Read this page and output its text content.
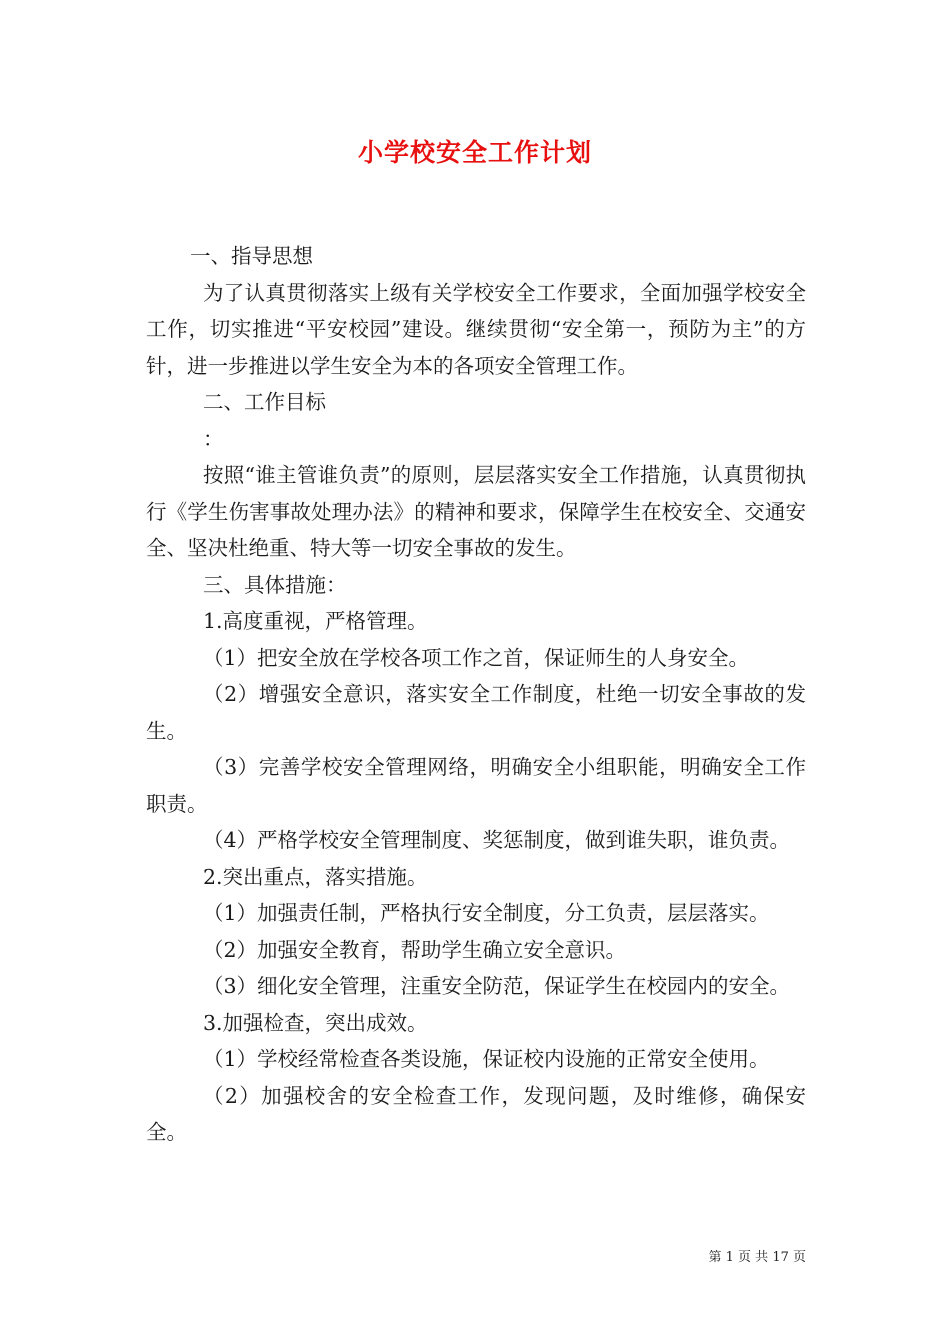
小学校安全工作计划

一、指导思想

为了认真贯彻落实上级有关学校安全工作要求，全面加强学校安全工作，切实推进“平安校园”建设。继续贯彻“安全第一，预防为主”的方针，进一步推进以学生安全为本的各项安全管理工作。

二、工作目标

：

按照“谁主管谁负责”的原则，层层落实安全工作措施，认真贯彻执行《学生伤害事故处理办法》的精神和要求，保障学生在校安全、交通安全、坚决杜绝重、特大等一切安全事故的发生。

三、具体措施：

1.高度重视，严格管理。

（1）把安全放在学校各项工作之首，保证师生的人身安全。

（2）增强安全意识，落实安全工作制度，杜绝一切安全事故的发生。

（3）完善学校安全管理网络，明确安全小组职能，明确安全工作职责。

（4）严格学校安全管理制度、奖惩制度，做到谁失职，谁负责。

2.突出重点，落实措施。

（1）加强责任制，严格执行安全制度，分工负责，层层落实。

（2）加强安全教育，帮助学生确立安全意识。

（3）细化安全管理，注重安全防范，保证学生在校园内的安全。

3.加强检查，突出成效。

（1）学校经常检查各类设施，保证校内设施的正常安全使用。

（2）加强校舍的安全检查工作，发现问题，及时维修，确保安全。

第 1 页 共 17 页
